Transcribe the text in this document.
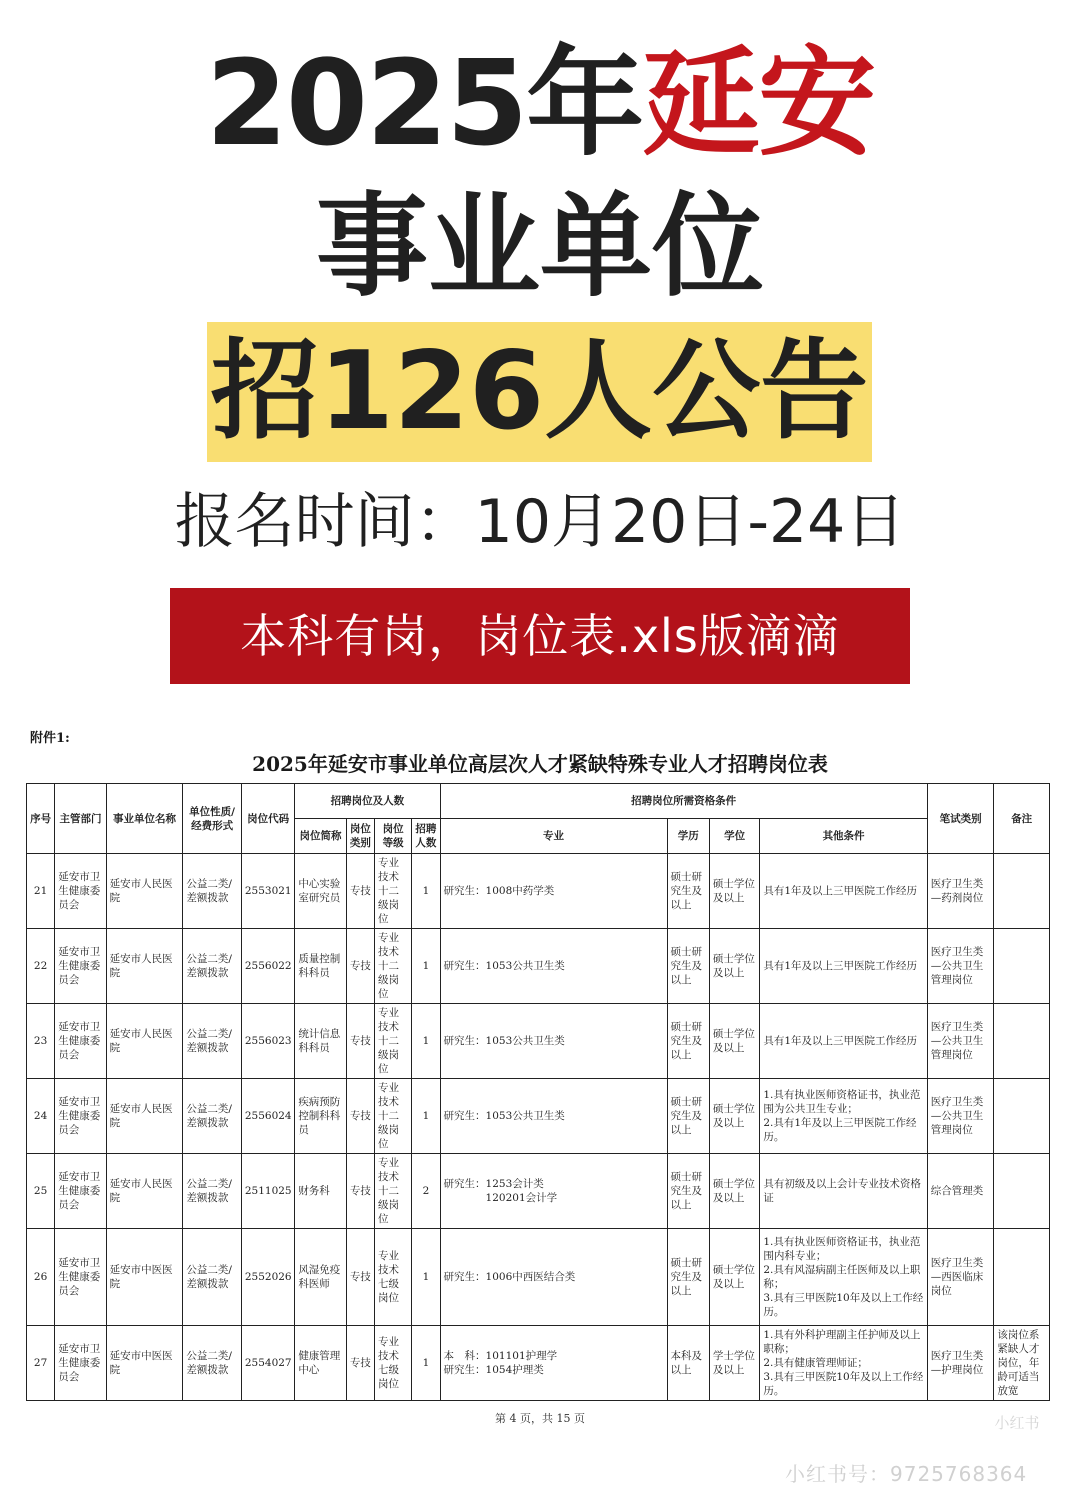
2025年延安
事业单位
招126人公告
报名时间：10月20日-24日
本科有岗，岗位表.xls版滴滴
附件1:
2025年延安市事业单位高层次人才紧缺特殊专业人才招聘岗位表
序号	主管部门	事业单位名称	单位性质/经费形式	岗位代码	招聘岗位及人数				招聘岗位所需资格条件				笔试类别	备注
					岗位简称	岗位类别	岗位等级	招聘人数	专业	学历	学位	其他条件		
21	延安市卫生健康委员会	延安市人民医院	公益二类/差额拨款	2553021	中心实验室研究员	专技	专业技术十二级岗位	1	研究生：1008中药学类	硕士研究生及以上	硕士学位及以上	具有1年及以上三甲医院工作经历	医疗卫生类—药剂岗位	
22	延安市卫生健康委员会	延安市人民医院	公益二类/差额拨款	2556022	质量控制科科员	专技	专业技术十二级岗位	1	研究生：1053公共卫生类	硕士研究生及以上	硕士学位及以上	具有1年及以上三甲医院工作经历	医疗卫生类—公共卫生管理岗位	
23	延安市卫生健康委员会	延安市人民医院	公益二类/差额拨款	2556023	统计信息科科员	专技	专业技术十二级岗位	1	研究生：1053公共卫生类	硕士研究生及以上	硕士学位及以上	具有1年及以上三甲医院工作经历	医疗卫生类—公共卫生管理岗位	
24	延安市卫生健康委员会	延安市人民医院	公益二类/差额拨款	2556024	疾病预防控制科科员	专技	专业技术十二级岗位	1	研究生：1053公共卫生类	硕士研究生及以上	硕士学位及以上	1.具有执业医师资格证书，执业范围为公共卫生专业；
2.具有1年及以上三甲医院工作经历。	医疗卫生类—公共卫生管理岗位	
25	延安市卫生健康委员会	延安市人民医院	公益二类/差额拨款	2511025	财务科	专技	专业技术十二级岗位	2	研究生：1253会计类
　　　　120201会计学	硕士研究生及以上	硕士学位及以上	具有初级及以上会计专业技术资格证	综合管理类	
26	延安市卫生健康委员会	延安市中医医院	公益二类/差额拨款	2552026	风湿免疫科医师	专技	专业技术七级岗位	1	研究生：1006中西医结合类	硕士研究生及以上	硕士学位及以上	1.具有执业医师资格证书，执业范围内科专业；
2.具有风湿病副主任医师及以上职称；
3.具有三甲医院10年及以上工作经历。	医疗卫生类—西医临床岗位	
27	延安市卫生健康委员会	延安市中医医院	公益二类/差额拨款	2554027	健康管理中心	专技	专业技术七级岗位	1	本　科：101101护理学
研究生：1054护理类	本科及以上	学士学位及以上	1.具有外科护理副主任护师及以上职称；
2.具有健康管理师证；
3.具有三甲医院10年及以上工作经历。	医疗卫生类—护理岗位	该岗位系紧缺人才岗位，年龄可适当放宽
第 4 页，共 15 页	小红书
小红书号：9725768364
